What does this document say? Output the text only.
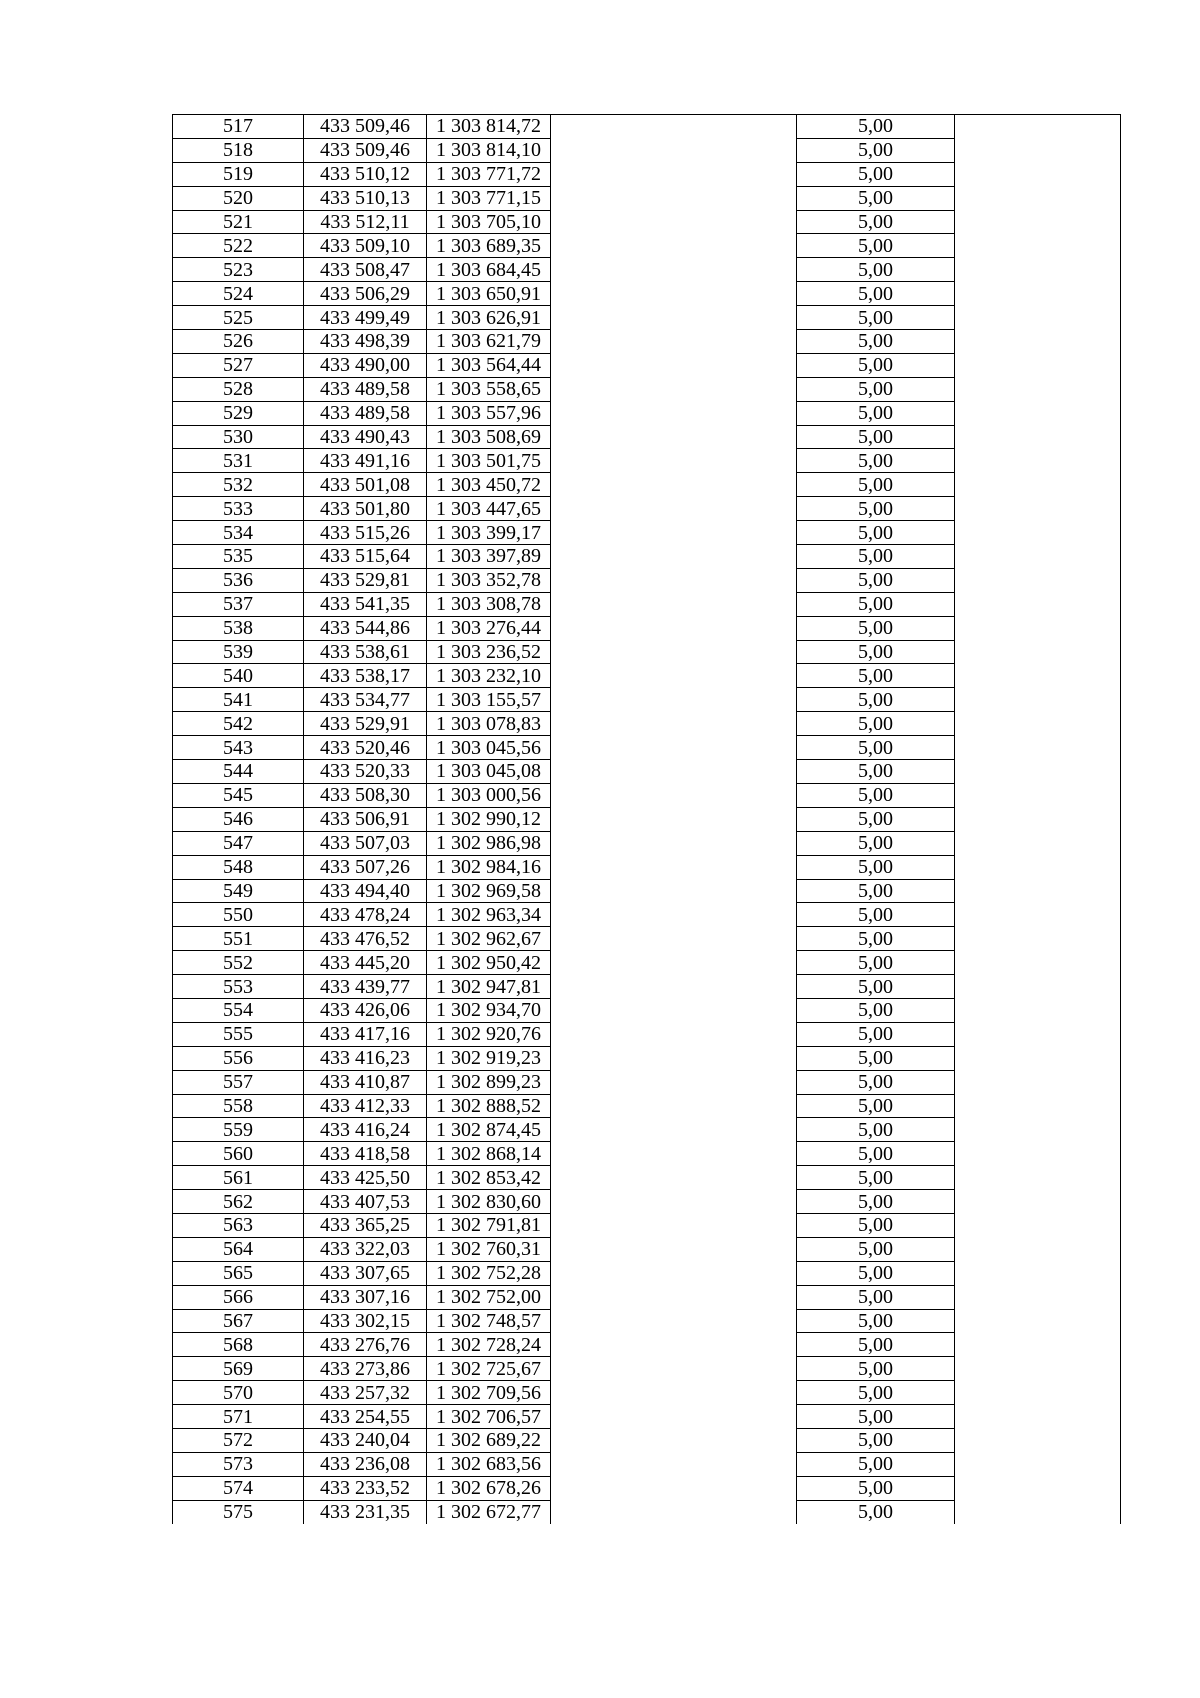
517	433 509,46	1 303 814,72		5,00	
518	433 509,46	1 303 814,10		5,00	
519	433 510,12	1 303 771,72		5,00	
520	433 510,13	1 303 771,15		5,00	
521	433 512,11	1 303 705,10		5,00	
522	433 509,10	1 303 689,35		5,00	
523	433 508,47	1 303 684,45		5,00	
524	433 506,29	1 303 650,91		5,00	
525	433 499,49	1 303 626,91		5,00	
526	433 498,39	1 303 621,79		5,00	
527	433 490,00	1 303 564,44		5,00	
528	433 489,58	1 303 558,65		5,00	
529	433 489,58	1 303 557,96		5,00	
530	433 490,43	1 303 508,69		5,00	
531	433 491,16	1 303 501,75		5,00	
532	433 501,08	1 303 450,72		5,00	
533	433 501,80	1 303 447,65		5,00	
534	433 515,26	1 303 399,17		5,00	
535	433 515,64	1 303 397,89		5,00	
536	433 529,81	1 303 352,78		5,00	
537	433 541,35	1 303 308,78		5,00	
538	433 544,86	1 303 276,44		5,00	
539	433 538,61	1 303 236,52		5,00	
540	433 538,17	1 303 232,10		5,00	
541	433 534,77	1 303 155,57		5,00	
542	433 529,91	1 303 078,83		5,00	
543	433 520,46	1 303 045,56		5,00	
544	433 520,33	1 303 045,08		5,00	
545	433 508,30	1 303 000,56		5,00	
546	433 506,91	1 302 990,12		5,00	
547	433 507,03	1 302 986,98		5,00	
548	433 507,26	1 302 984,16		5,00	
549	433 494,40	1 302 969,58		5,00	
550	433 478,24	1 302 963,34		5,00	
551	433 476,52	1 302 962,67		5,00	
552	433 445,20	1 302 950,42		5,00	
553	433 439,77	1 302 947,81		5,00	
554	433 426,06	1 302 934,70		5,00	
555	433 417,16	1 302 920,76		5,00	
556	433 416,23	1 302 919,23		5,00	
557	433 410,87	1 302 899,23		5,00	
558	433 412,33	1 302 888,52		5,00	
559	433 416,24	1 302 874,45		5,00	
560	433 418,58	1 302 868,14		5,00	
561	433 425,50	1 302 853,42		5,00	
562	433 407,53	1 302 830,60		5,00	
563	433 365,25	1 302 791,81		5,00	
564	433 322,03	1 302 760,31		5,00	
565	433 307,65	1 302 752,28		5,00	
566	433 307,16	1 302 752,00		5,00	
567	433 302,15	1 302 748,57		5,00	
568	433 276,76	1 302 728,24		5,00	
569	433 273,86	1 302 725,67		5,00	
570	433 257,32	1 302 709,56		5,00	
571	433 254,55	1 302 706,57		5,00	
572	433 240,04	1 302 689,22		5,00	
573	433 236,08	1 302 683,56		5,00	
574	433 233,52	1 302 678,26		5,00	
575	433 231,35	1 302 672,77		5,00	
